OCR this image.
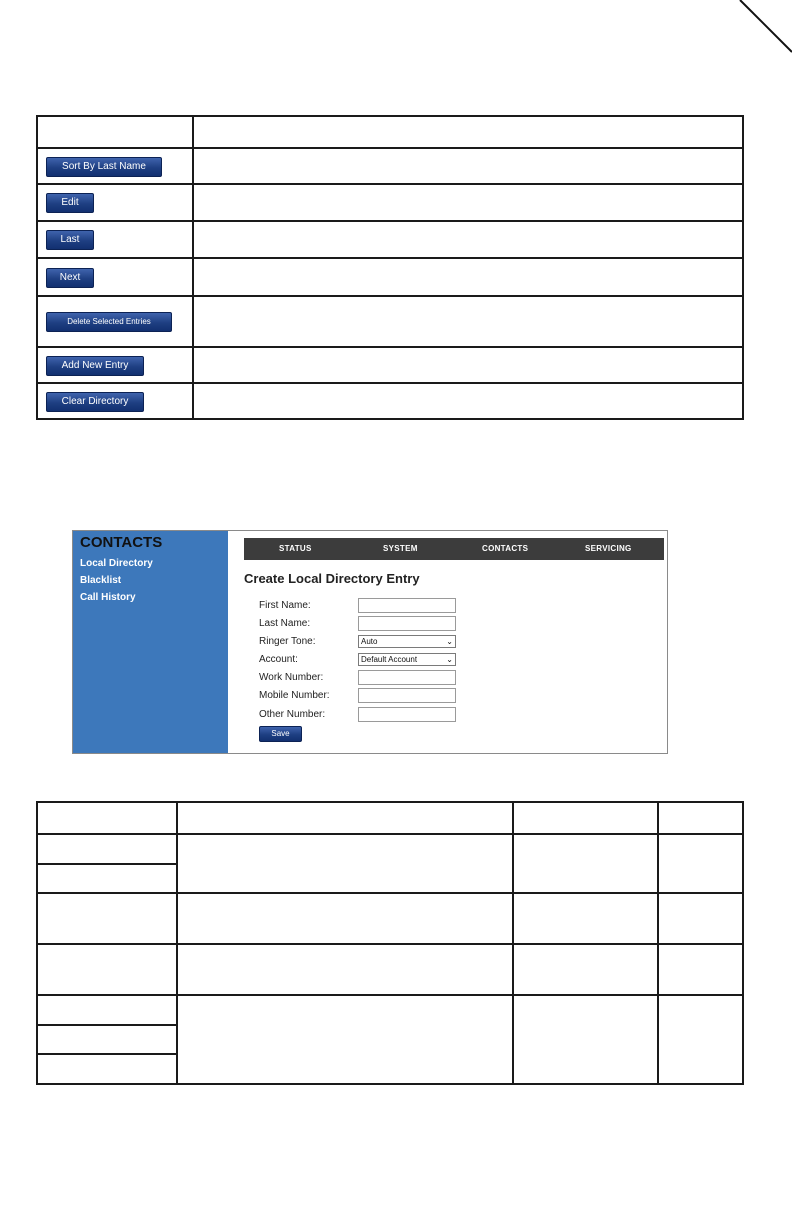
Sort By Last Name	
Edit	
Last	
Next	
Delete Selected Entries	
Add New Entry	
Clear Directory	
CONTACTS
Local Directory
Blacklist
Call History
STATUS	SYSTEM	CONTACTS	SERVICING
Create Local Directory Entry
First Name:
Last Name:
Ringer Tone:	Auto	⌄
Account:	Default Account	⌄
Work Number:
Mobile Number:
Other Number:
Save
